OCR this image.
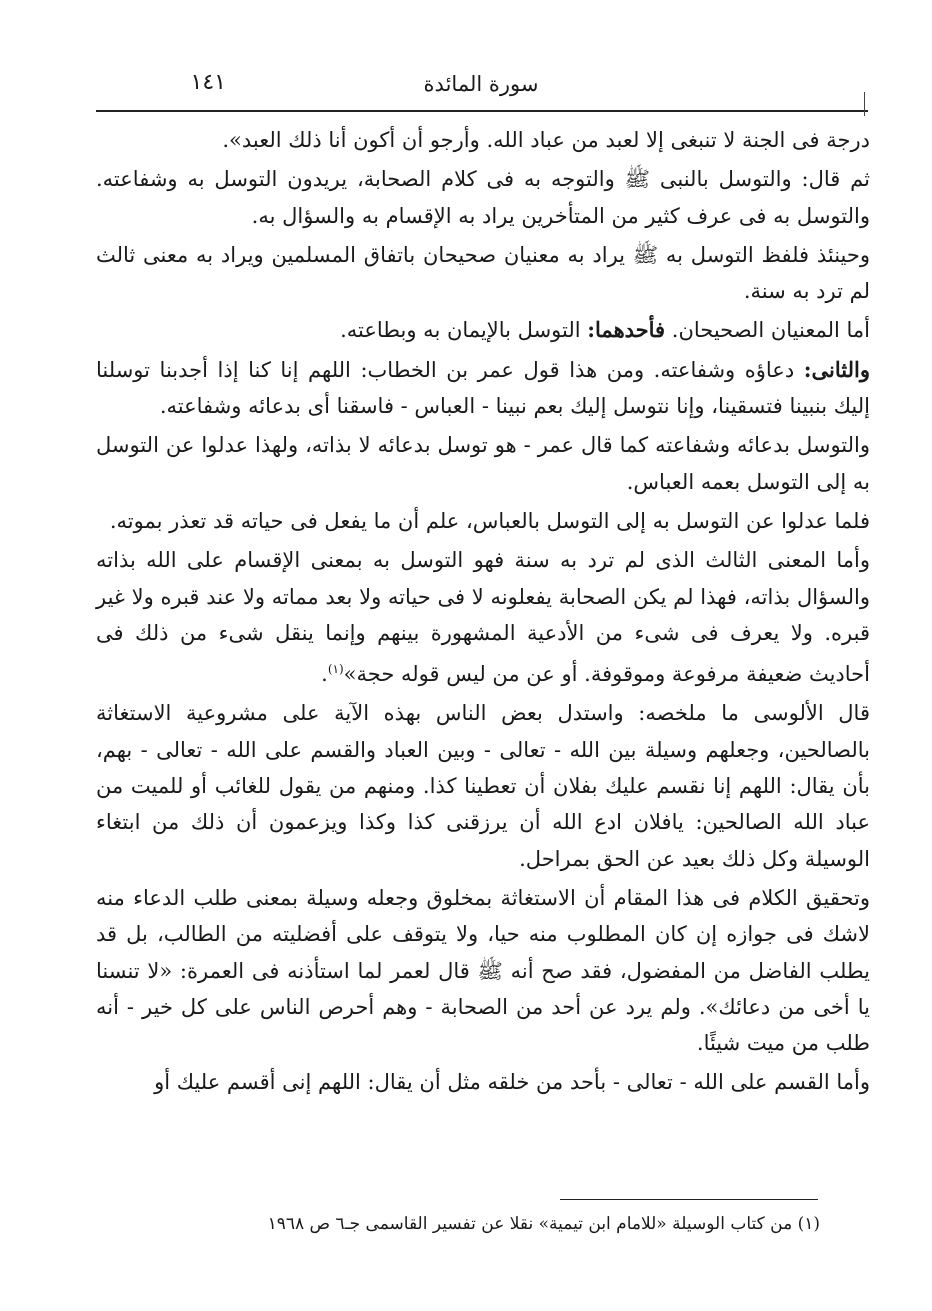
١٤١	سورة المائدة

درجة فى الجنة لا تنبغى إلا لعبد من عباد الله. وأرجو أن أكون أنا ذلك العبد».

ثم قال: والتوسل بالنبى ﷺ والتوجه به فى كلام الصحابة، يريدون التوسل به وشفاعته. والتوسل به فى عرف كثير من المتأخرين يراد به الإقسام به والسؤال به.

وحينئذ فلفظ التوسل به ﷺ يراد به معنيان صحيحان باتفاق المسلمين ويراد به معنى ثالث لم ترد به سنة.

أما المعنيان الصحيحان. فأحدهما: التوسل بالإيمان به وبطاعته.

والثانى: دعاؤه وشفاعته. ومن هذا قول عمر بن الخطاب: اللهم إنا كنا إذا أجدبنا توسلنا إليك بنبينا فتسقينا، وإنا نتوسل إليك بعم نبينا - العباس - فاسقنا أى بدعائه وشفاعته.

والتوسل بدعائه وشفاعته كما قال عمر - هو توسل بدعائه لا بذاته، ولهذا عدلوا عن التوسل به إلى التوسل بعمه العباس.

فلما عدلوا عن التوسل به إلى التوسل بالعباس، علم أن ما يفعل فى حياته قد تعذر بموته.

وأما المعنى الثالث الذى لم ترد به سنة فهو التوسل به بمعنى الإقسام على الله بذاته والسؤال بذاته، فهذا لم يكن الصحابة يفعلونه لا فى حياته ولا بعد مماته ولا عند قبره ولا غير قبره. ولا يعرف فى شىء من الأدعية المشهورة بينهم وإنما ينقل شىء من ذلك فى أحاديث ضعيفة مرفوعة وموقوفة. أو عن من ليس قوله حجة»$^{(١)}$.

قال الألوسى ما ملخصه: واستدل بعض الناس بهذه الآية على مشروعية الاستغاثة بالصالحين، وجعلهم وسيلة بين الله - تعالى - وبين العباد والقسم على الله - تعالى - بهم، بأن يقال: اللهم إنا نقسم عليك بفلان أن تعطينا كذا. ومنهم من يقول للغائب أو للميت من عباد الله الصالحين: يافلان ادع الله أن يرزقنى كذا وكذا ويزعمون أن ذلك من ابتغاء الوسيلة وكل ذلك بعيد عن الحق بمراحل.

وتحقيق الكلام فى هذا المقام أن الاستغاثة بمخلوق وجعله وسيلة بمعنى طلب الدعاء منه لاشك فى جوازه إن كان المطلوب منه حيا، ولا يتوقف على أفضليته من الطالب، بل قد يطلب الفاضل من المفضول، فقد صح أنه ﷺ قال لعمر لما استأذنه فى العمرة: «لا تنسنا يا أخى من دعائك». ولم يرد عن أحد من الصحابة - وهم أحرص الناس على كل خير - أنه طلب من ميت شيئًا.

وأما القسم على الله - تعالى - بأحد من خلقه مثل أن يقال: اللهم إنى أقسم عليك أو

(١) من كتاب الوسيلة «للامام ابن تيمية» نقلا عن تفسير القاسمى جـ٦ ص ١٩٦٨
